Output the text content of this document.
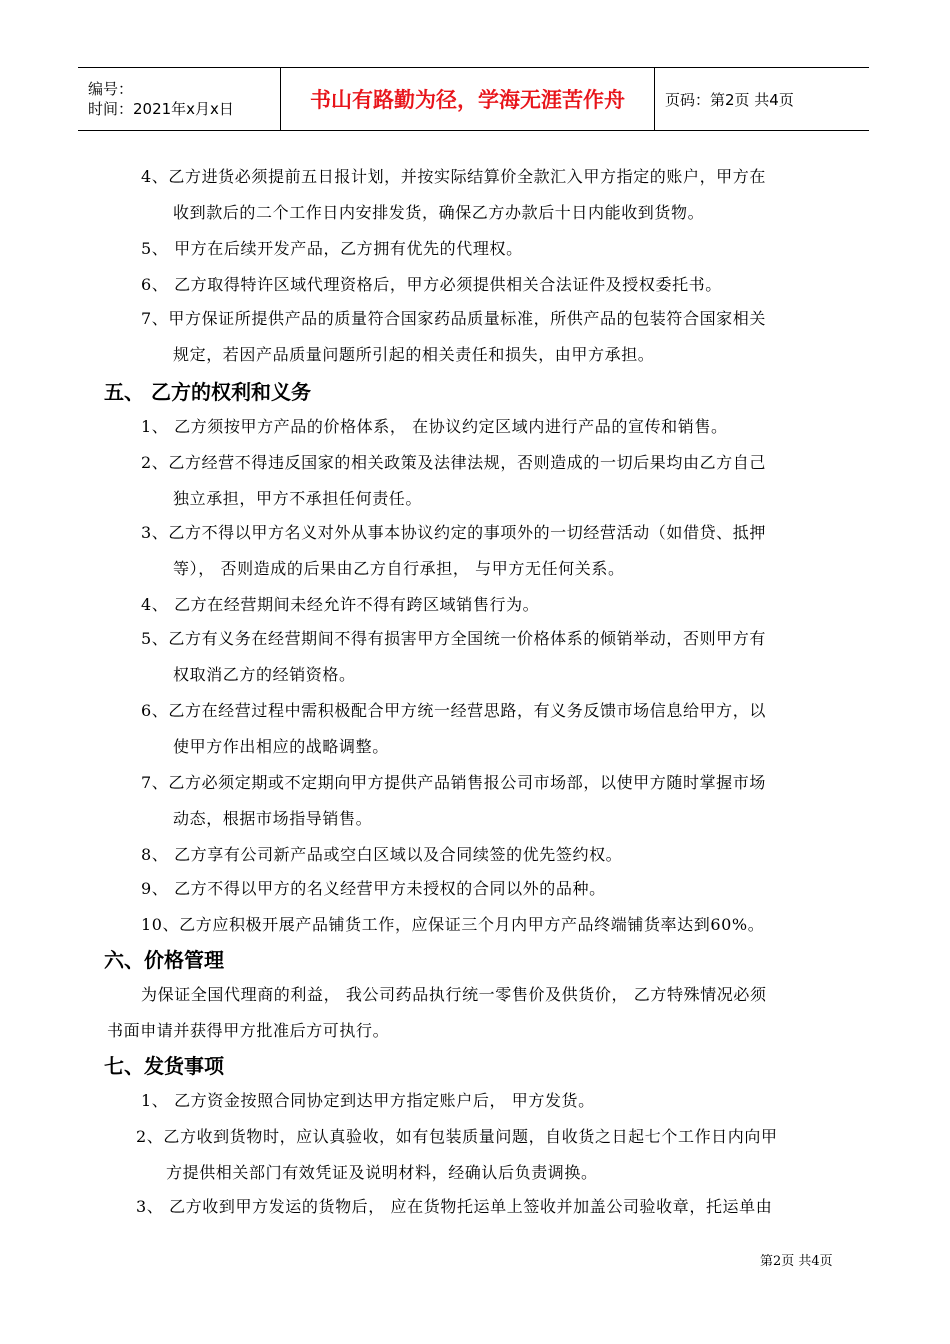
编号：
时间：2021年x月x日	书山有路勤为径，学海无涯苦作舟	页码：第2页 共4页
4、乙方进货必须提前五日报计划，并按实际结算价全款汇入甲方指定的账户，甲方在
收到款后的二个工作日内安排发货，确保乙方办款后十日内能收到货物。
5、 甲方在后续开发产品，乙方拥有优先的代理权。
6、 乙方取得特许区域代理资格后，甲方必须提供相关合法证件及授权委托书。
7、甲方保证所提供产品的质量符合国家药品质量标准，所供产品的包装符合国家相关
规定，若因产品质量问题所引起的相关责任和损失，由甲方承担。
五、 乙方的权利和义务
1、 乙方须按甲方产品的价格体系， 在协议约定区域内进行产品的宣传和销售。
2、乙方经营不得违反国家的相关政策及法律法规，否则造成的一切后果均由乙方自己
独立承担，甲方不承担任何责任。
3、乙方不得以甲方名义对外从事本协议约定的事项外的一切经营活动（如借贷、抵押
等）， 否则造成的后果由乙方自行承担， 与甲方无任何关系。
4、 乙方在经营期间未经允许不得有跨区域销售行为。
5、乙方有义务在经营期间不得有损害甲方全国统一价格体系的倾销举动，否则甲方有
权取消乙方的经销资格。
6、乙方在经营过程中需积极配合甲方统一经营思路，有义务反馈市场信息给甲方，以
使甲方作出相应的战略调整。
7、乙方必须定期或不定期向甲方提供产品销售报公司市场部，以使甲方随时掌握市场
动态，根据市场指导销售。
8、 乙方享有公司新产品或空白区域以及合同续签的优先签约权。
9、 乙方不得以甲方的名义经营甲方未授权的合同以外的品种。
10、乙方应积极开展产品铺货工作，应保证三个月内甲方产品终端铺货率达到60%。
六、价格管理
为保证全国代理商的利益， 我公司药品执行统一零售价及供货价， 乙方特殊情况必须
书面申请并获得甲方批准后方可执行。
七、发货事项
1、 乙方资金按照合同协定到达甲方指定账户后， 甲方发货。
2、乙方收到货物时，应认真验收，如有包装质量问题，自收货之日起七个工作日内向甲
方提供相关部门有效凭证及说明材料，经确认后负责调换。
3、 乙方收到甲方发运的货物后， 应在货物托运单上签收并加盖公司验收章，托运单由
第2页 共4页
